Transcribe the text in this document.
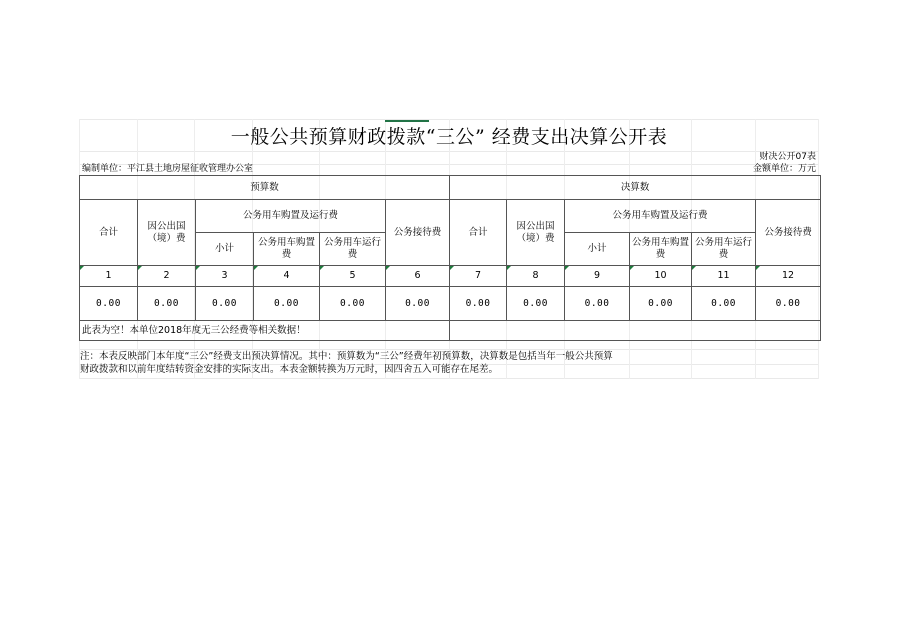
一般公共预算财政拨款“三公” 经费支出决算公开表
财决公开07表
编制单位：平江县土地房屋征收管理办公室	金额单位：万元
预算数						决算数					
合计	因公出国（境）费	公务用车购置及运行费			公务接待费	合计	因公出国（境）费	公务用车购置及运行费			公务接待费
		小计	公务用车购置费	公务用车运行费				小计	公务用车购置费	公务用车运行费	
1	2	3	4	5	6	7	8	9	10	11	12
0.00	0.00	0.00	0.00	0.00	0.00	0.00	0.00	0.00	0.00	0.00	0.00
此表为空！本单位2018年度无三公经费等相关数据！											
注：本表反映部门本年度“三公”经费支出预决算情况。其中：预算数为“三公”经费年初预算数，决算数是包括当年一般公共预算
财政拨款和以前年度结转资金安排的实际支出。本表金额转换为万元时，因四舍五入可能存在尾差。
